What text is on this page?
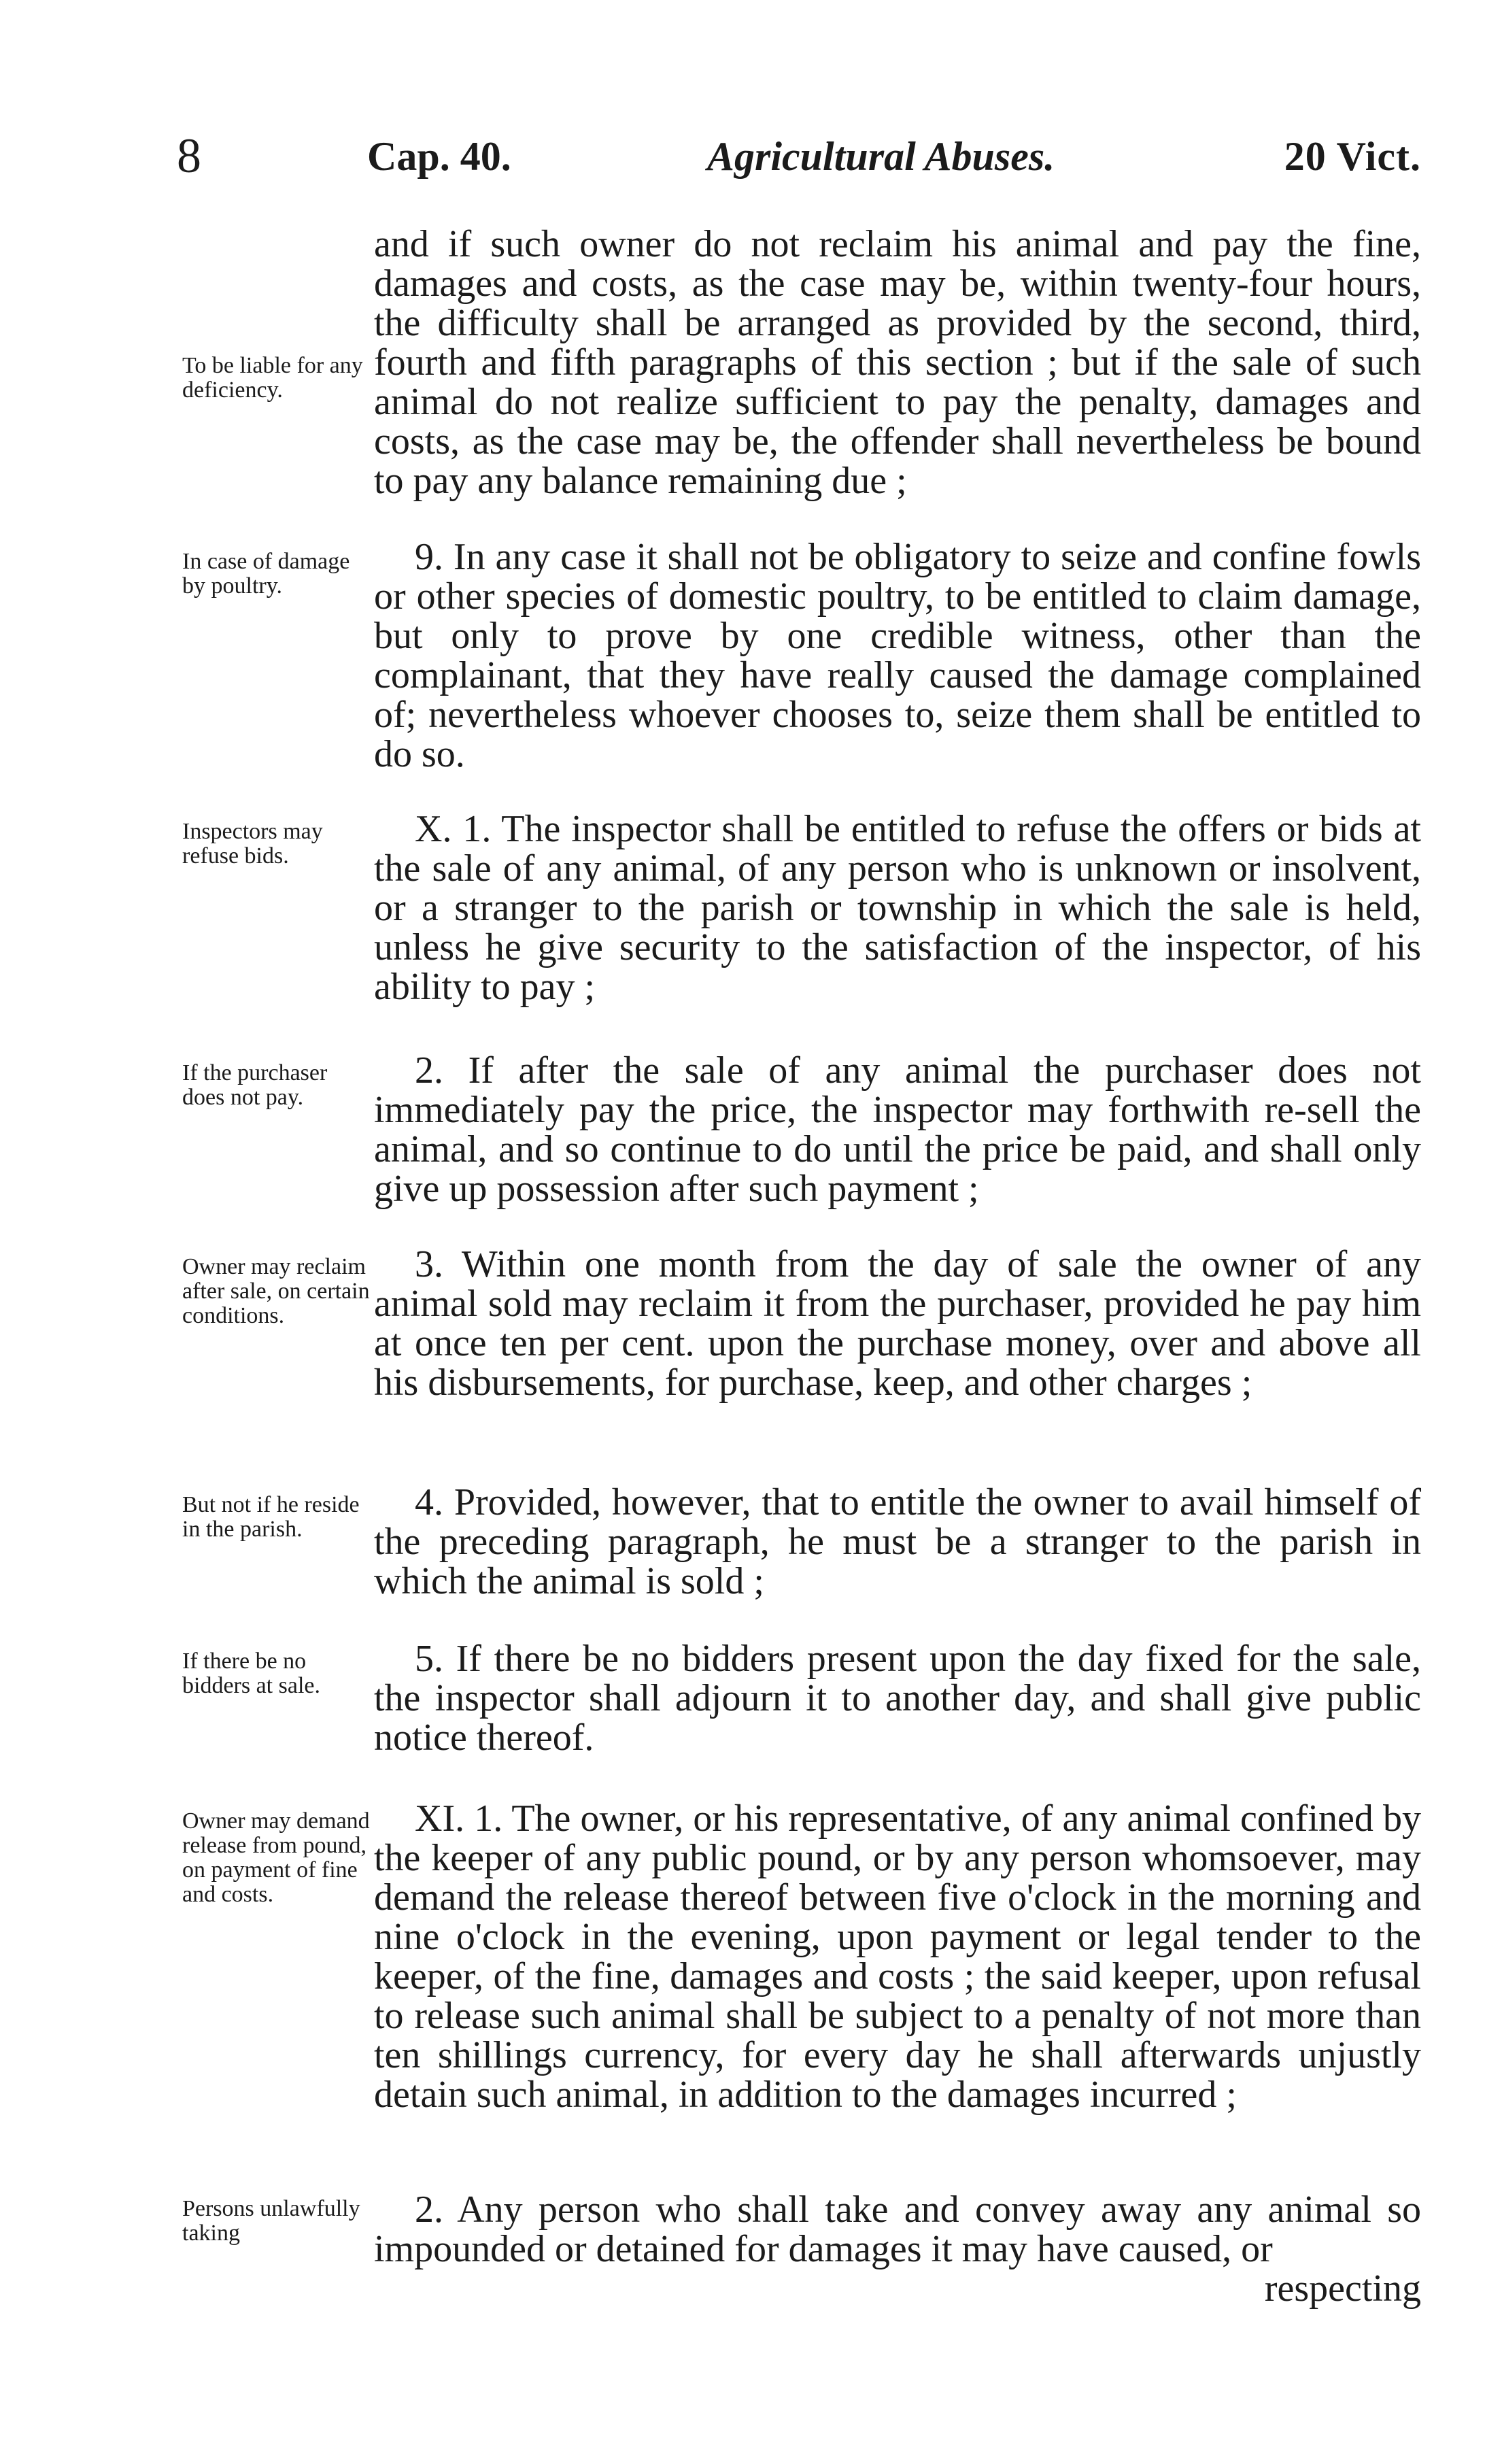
8	Cap. 40.	Agricultural Abuses.	20 Vict.

To be liable for any deficiency.

and if such owner do not reclaim his animal and pay the fine, damages and costs, as the case may be, within twenty-four hours, the difficulty shall be arranged as provided by the second, third, fourth and fifth paragraphs of this section ; but if the sale of such animal do not realize sufficient to pay the penalty, damages and costs, as the case may be, the offender shall nevertheless be bound to pay any balance remaining due ;

In case of damage by poultry.

9. In any case it shall not be obligatory to seize and confine fowls or other species of domestic poultry, to be entitled to claim damage, but only to prove by one credible witness, other than the complainant, that they have really caused the damage complained of; nevertheless whoever chooses to, seize them shall be entitled to do so.

Inspectors may refuse bids.

X. 1. The inspector shall be entitled to refuse the offers or bids at the sale of any animal, of any person who is unknown or insolvent, or a stranger to the parish or township in which the sale is held, unless he give security to the satisfaction of the inspector, of his ability to pay ;

If the purchaser does not pay.

2. If after the sale of any animal the purchaser does not immediately pay the price, the inspector may forthwith re-sell the animal, and so continue to do until the price be paid, and shall only give up possession after such payment ;

Owner may reclaim after sale, on certain conditions.

3. Within one month from the day of sale the owner of any animal sold may reclaim it from the purchaser, provided he pay him at once ten per cent. upon the purchase money, over and above all his disbursements, for purchase, keep, and other charges ;

But not if he reside in the parish.

4. Provided, however, that to entitle the owner to avail himself of the preceding paragraph, he must be a stranger to the parish in which the animal is sold ;

If there be no bidders at sale.

5. If there be no bidders present upon the day fixed for the sale, the inspector shall adjourn it to another day, and shall give public notice thereof.

Owner may demand release from pound, on payment of fine and costs.

XI. 1. The owner, or his representative, of any animal confined by the keeper of any public pound, or by any person whomsoever, may demand the release thereof between five o'clock in the morning and nine o'clock in the evening, upon payment or legal tender to the keeper, of the fine, damages and costs ; the said keeper, upon refusal to release such animal shall be subject to a penalty of not more than ten shillings currency, for every day he shall afterwards unjustly detain such animal, in addition to the damages incurred ;

Persons unlawfully taking

2. Any person who shall take and convey away any animal so impounded or detained for damages it may have caused, or

respecting
